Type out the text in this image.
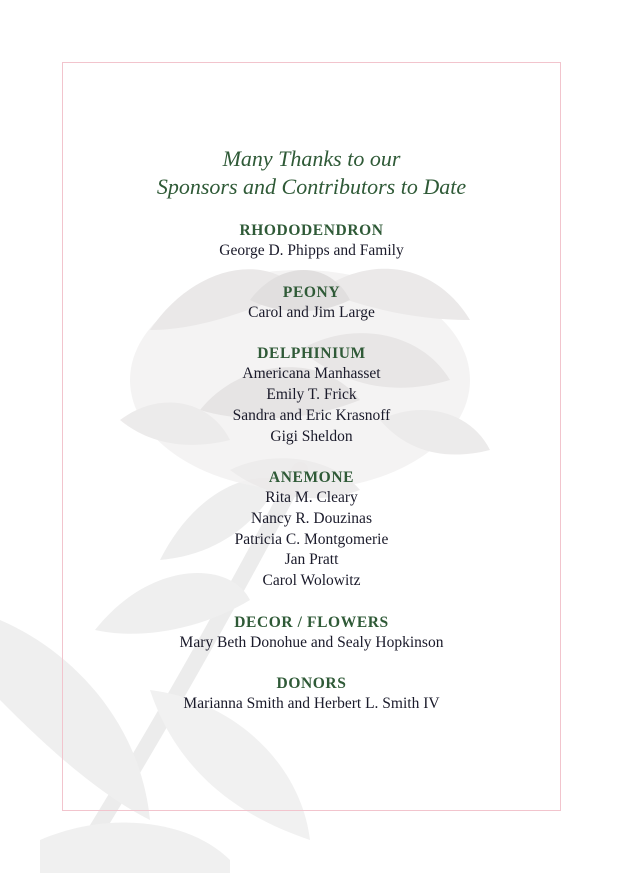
Many Thanks to our
Sponsors and Contributors to Date
RHODODENDRON
George D. Phipps and Family
PEONY
Carol and Jim Large
DELPHINIUM
Americana Manhasset
Emily T. Frick
Sandra and Eric Krasnoff
Gigi Sheldon
ANEMONE
Rita M. Cleary
Nancy R. Douzinas
Patricia C. Montgomerie
Jan Pratt
Carol Wolowitz
DECOR / FLOWERS
Mary Beth Donohue and Sealy Hopkinson
DONORS
Marianna Smith and Herbert L. Smith IV
